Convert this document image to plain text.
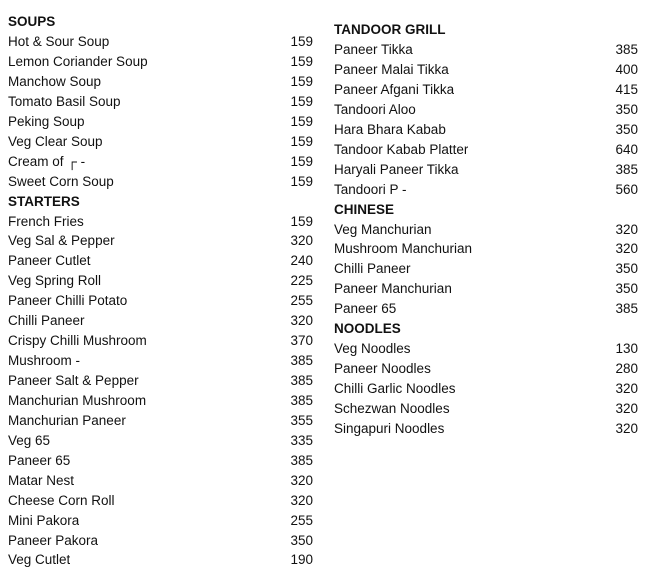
SOUPS
Hot & Sour Soup	159
Lemon Coriander Soup	159
Manchow Soup	159
Tomato Basil Soup	159
Peking Soup	159
Veg Clear Soup	159
Cream of ┌ -	159
Sweet Corn Soup	159
STARTERS
French Fries	159
Veg Sal & Pepper	320
Paneer Cutlet	240
Veg Spring Roll	225
Paneer Chilli Potato	255
Chilli Paneer	320
Crispy Chilli Mushroom	370
Mushroom -	385
Paneer Salt & Pepper	385
Manchurian Mushroom	385
Manchurian Paneer	355
Veg 65	335
Paneer 65	385
Matar Nest	320
Cheese Corn Roll	320
Mini Pakora	255
Paneer Pakora	350
Veg Cutlet	190
TANDOOR GRILL
Paneer Tikka	385
Paneer Malai Tikka	400
Paneer Afgani Tikka	415
Tandoori Aloo	350
Hara Bhara Kabab	350
Tandoor Kabab Platter	640
Haryali Paneer Tikka	385
Tandoori P -	560
CHINESE
Veg Manchurian	320
Mushroom Manchurian	320
Chilli Paneer	350
Paneer Manchurian	350
Paneer 65	385
NOODLES
Veg Noodles	130
Paneer Noodles	280
Chilli Garlic Noodles	320
Schezwan Noodles	320
Singapuri Noodles	320
